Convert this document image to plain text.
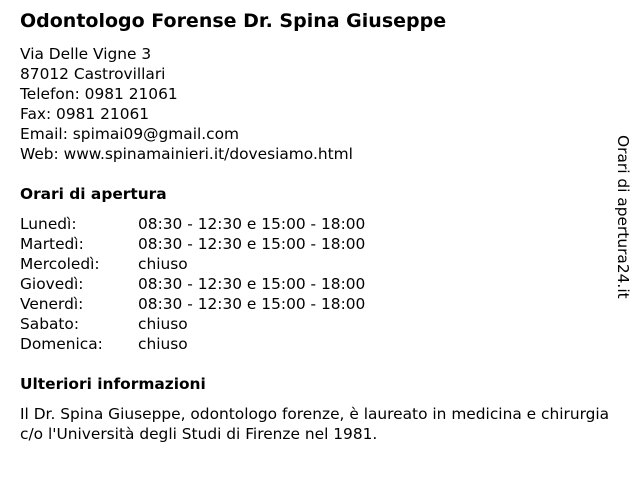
Odontologo Forense Dr. Spina Giuseppe
Via Delle Vigne 3
87012 Castrovillari
Telefon: 0981 21061
Fax: 0981 21061
Email: spimai09@gmail.com
Web: www.spinamainieri.it/dovesiamo.html
Orari di apertura
Lunedì:	08:30 - 12:30 e 15:00 - 18:00
Martedì:	08:30 - 12:30 e 15:00 - 18:00
Mercoledì:	chiuso
Giovedì:	08:30 - 12:30 e 15:00 - 18:00
Venerdì:	08:30 - 12:30 e 15:00 - 18:00
Sabato:	chiuso
Domenica:	chiuso
Ulteriori informazioni
Il Dr. Spina Giuseppe, odontologo forenze, è laureato in medicina e chirurgia c/o l'Università degli Studi di Firenze nel 1981.
Orari di apertura24.it
